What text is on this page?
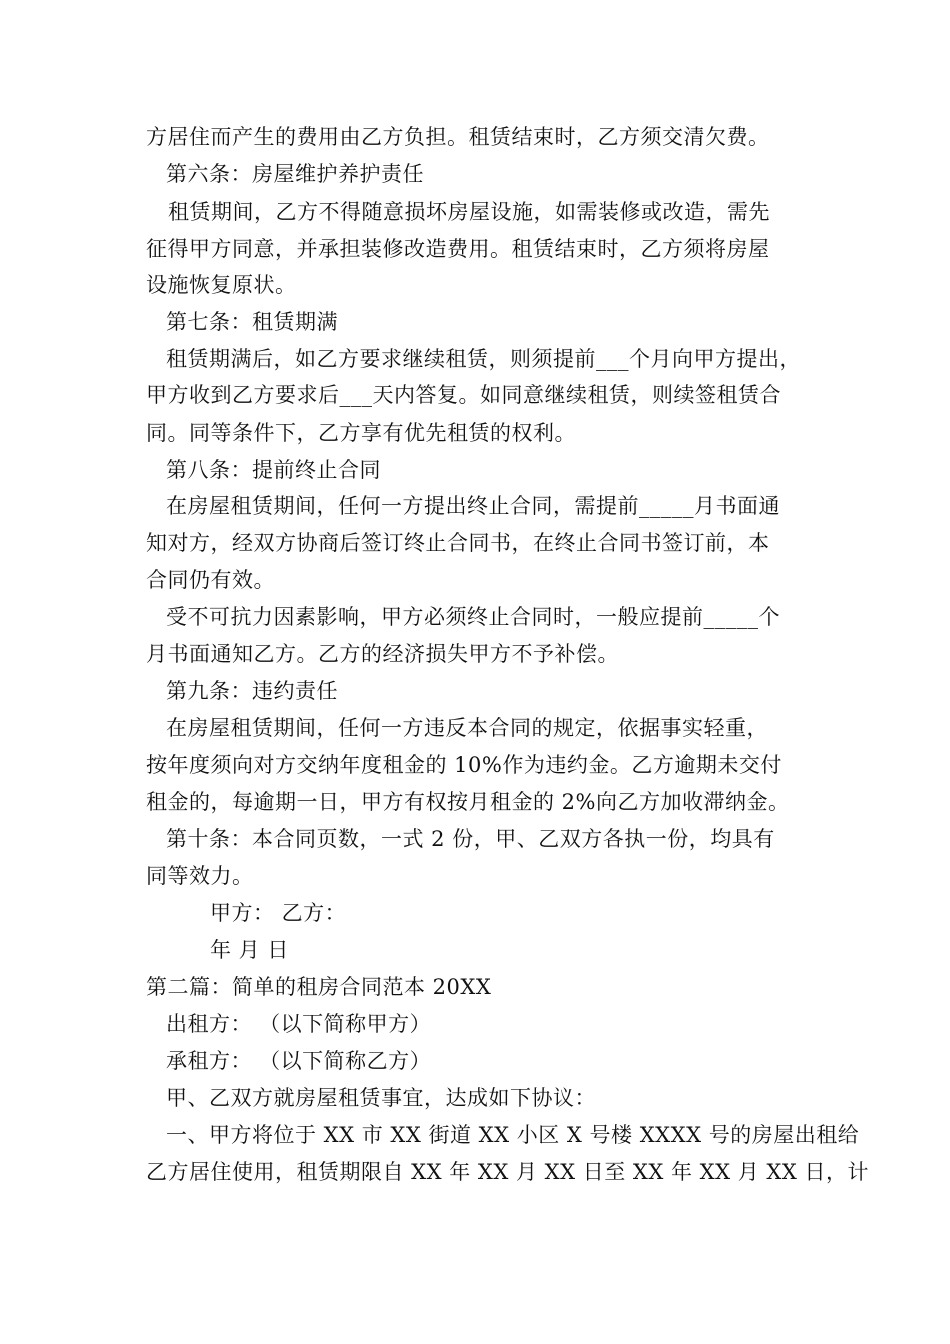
方居住而产生的费用由乙方负担。租赁结束时，乙方须交清欠费。
第六条：房屋维护养护责任
租赁期间，乙方不得随意损坏房屋设施，如需装修或改造，需先
征得甲方同意，并承担装修改造费用。租赁结束时，乙方须将房屋
设施恢复原状。
第七条：租赁期满
租赁期满后，如乙方要求继续租赁，则须提前___个月向甲方提出，
甲方收到乙方要求后___天内答复。如同意继续租赁，则续签租赁合
同。同等条件下，乙方享有优先租赁的权利。
第八条：提前终止合同
在房屋租赁期间，任何一方提出终止合同，需提前_____月书面通
知对方，经双方协商后签订终止合同书，在终止合同书签订前，本
合同仍有效。
受不可抗力因素影响，甲方必须终止合同时，一般应提前_____个
月书面通知乙方。乙方的经济损失甲方不予补偿。
第九条：违约责任
在房屋租赁期间，任何一方违反本合同的规定，依据事实轻重，
按年度须向对方交纳年度租金的 10%作为违约金。乙方逾期未交付
租金的，每逾期一日，甲方有权按月租金的 2%向乙方加收滞纳金。
第十条：本合同页数，一式 2 份，甲、乙双方各执一份，均具有
同等效力。
甲方： 乙方：
年 月 日
第二篇：简单的租房合同范本 20XX
出租方： （以下简称甲方）
承租方： （以下简称乙方）
甲、乙双方就房屋租赁事宜，达成如下协议：
一、甲方将位于 XX 市 XX 街道 XX 小区 X 号楼 XXXX 号的房屋出租给
乙方居住使用，租赁期限自 XX 年 XX 月 XX 日至 XX 年 XX 月 XX 日，计
